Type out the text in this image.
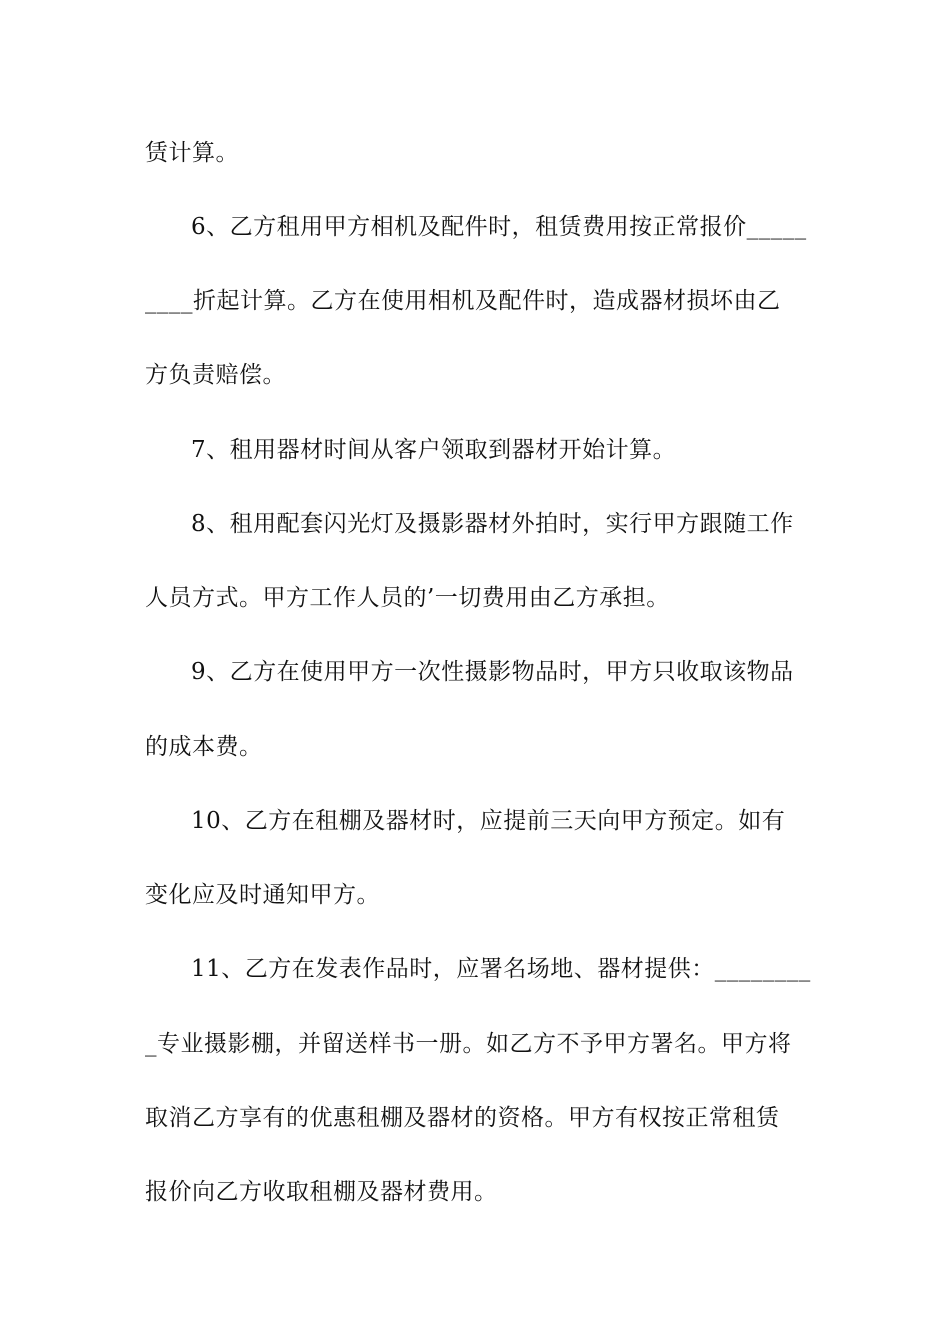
赁计算。
6、乙方租用甲方相机及配件时，租赁费用按正常报价_____
____折起计算。乙方在使用相机及配件时，造成器材损坏由乙
方负责赔偿。
7、租用器材时间从客户领取到器材开始计算。
8、租用配套闪光灯及摄影器材外拍时，实行甲方跟随工作
人员方式。甲方工作人员的’一切费用由乙方承担。
9、乙方在使用甲方一次性摄影物品时，甲方只收取该物品
的成本费。
10、乙方在租棚及器材时，应提前三天向甲方预定。如有
变化应及时通知甲方。
11、乙方在发表作品时，应署名场地、器材提供：________
_专业摄影棚，并留送样书一册。如乙方不予甲方署名。甲方将
取消乙方享有的优惠租棚及器材的资格。甲方有权按正常租赁
报价向乙方收取租棚及器材费用。
